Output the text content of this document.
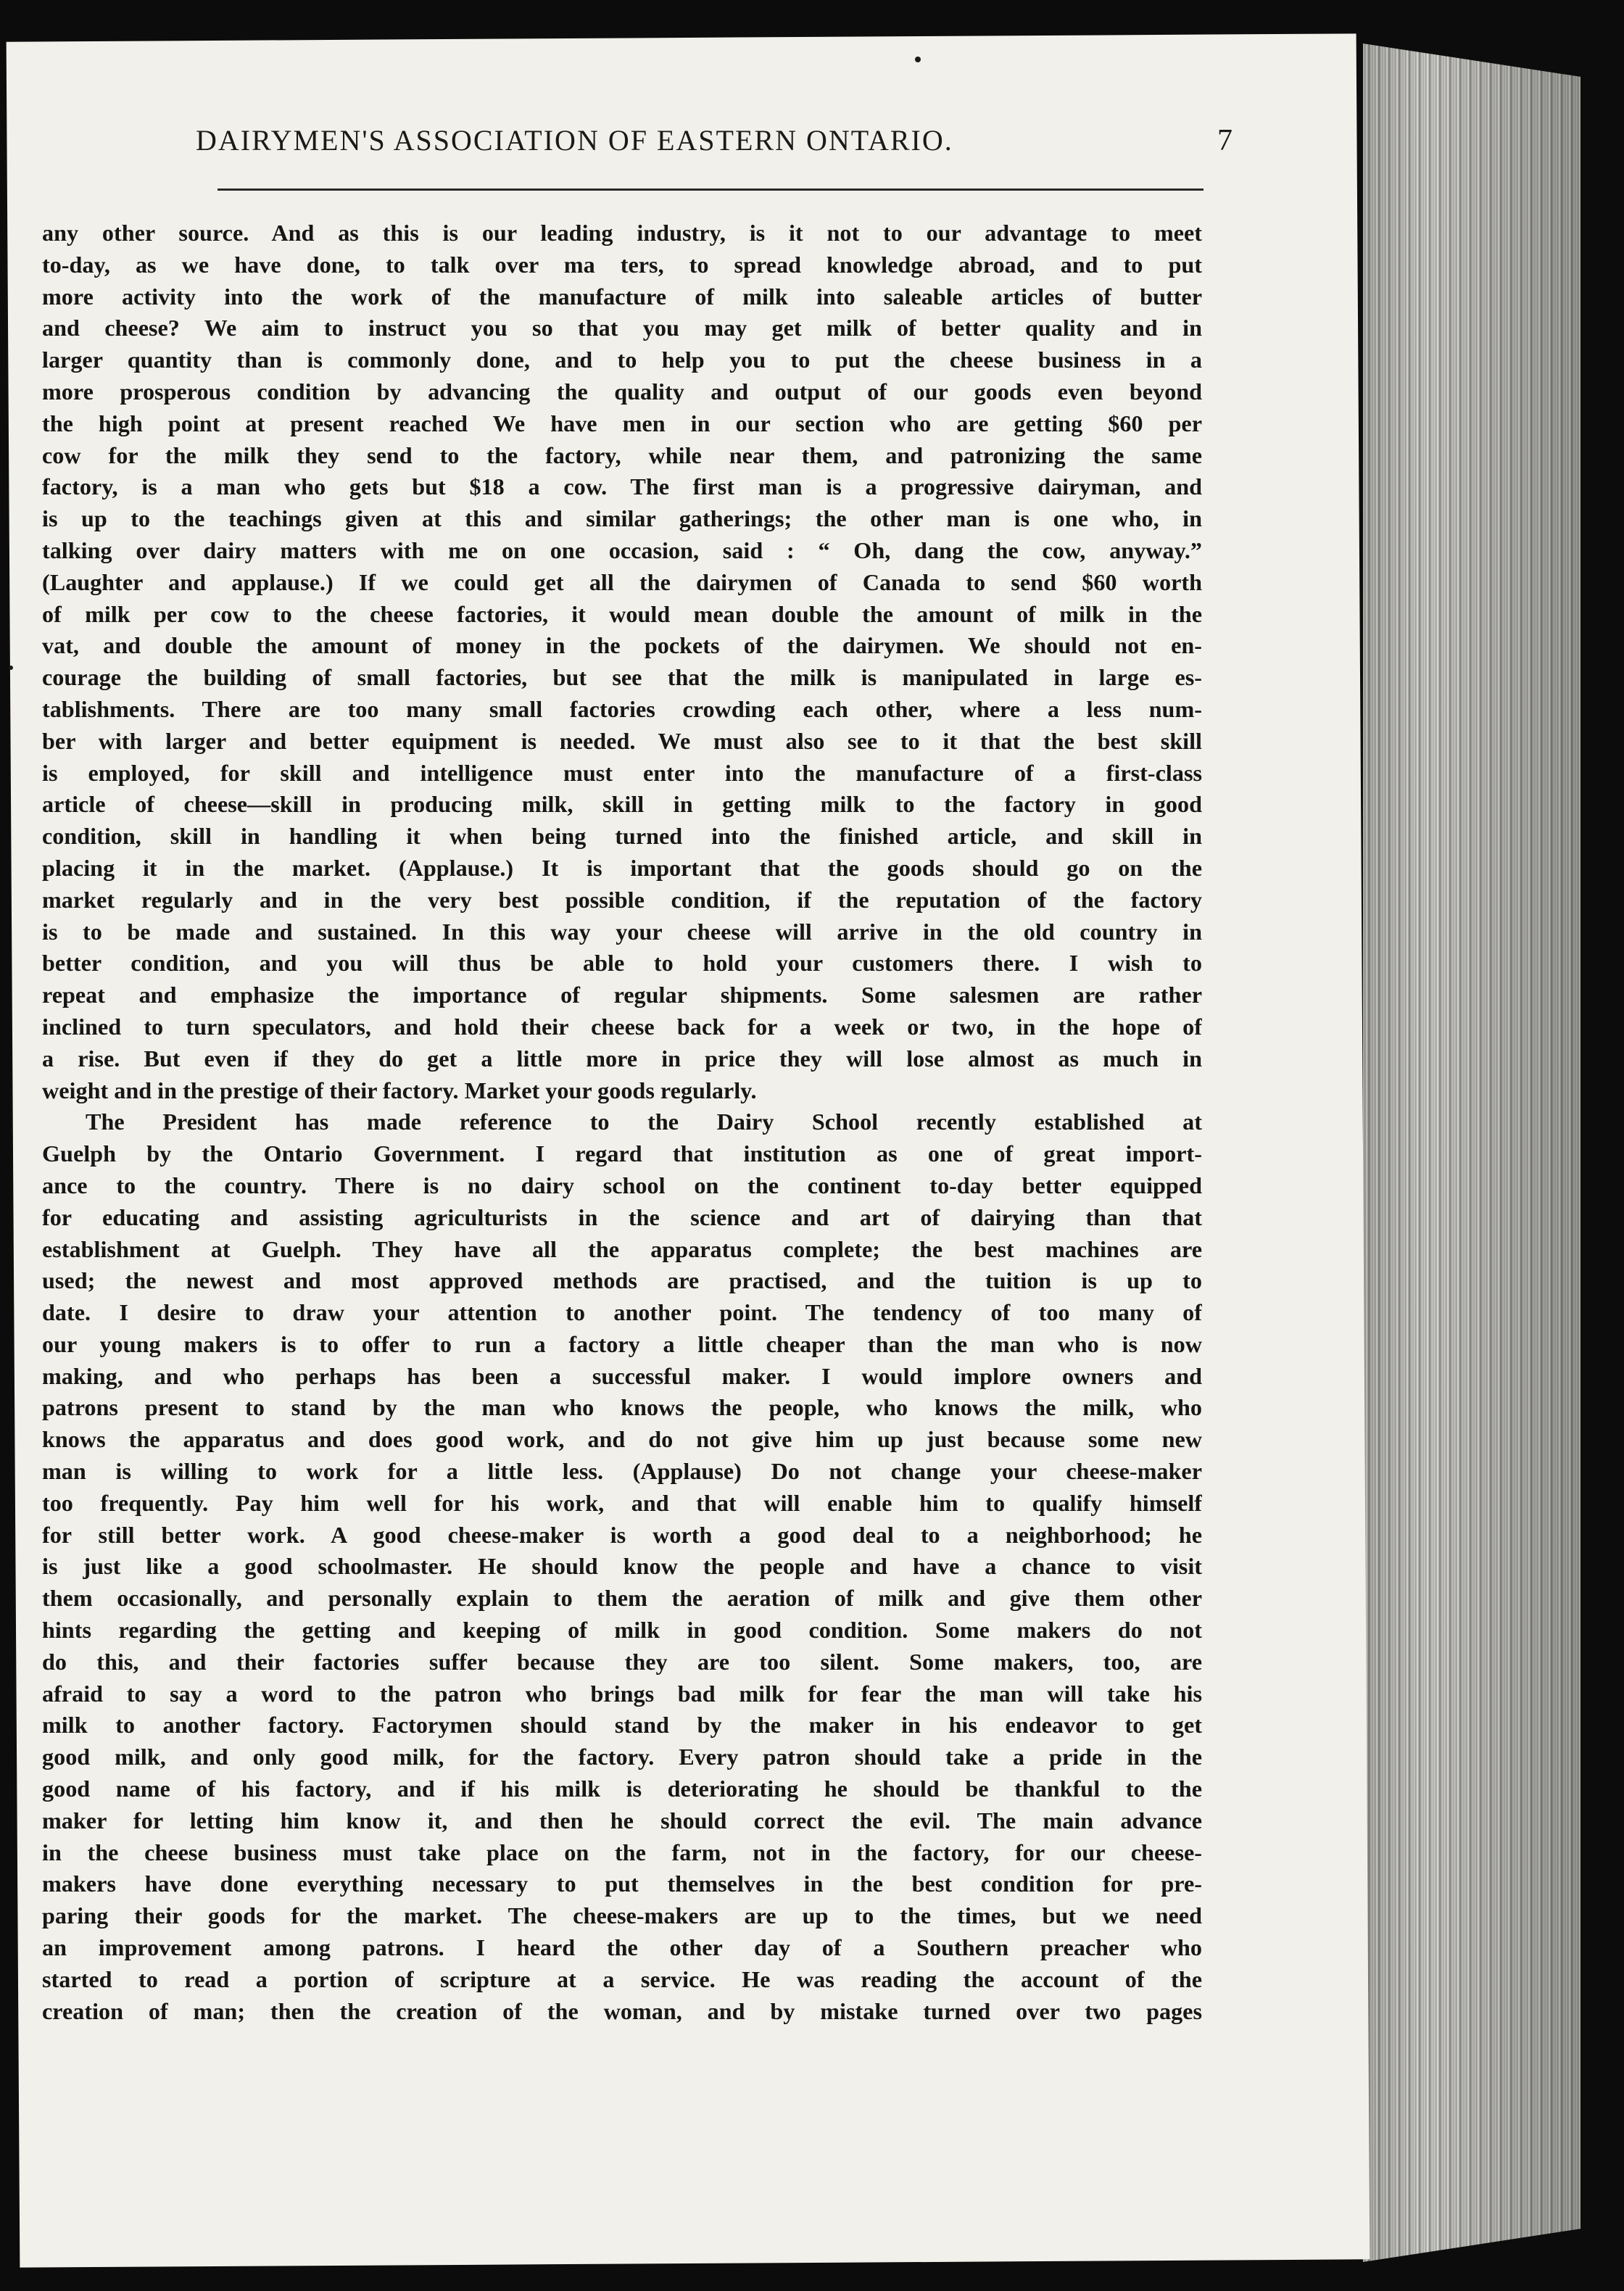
DAIRYMEN'S ASSOCIATION OF EASTERN ONTARIO.	7
any other source. And as this is our leading industry, is it not to our advantage to meet
to-day, as we have done, to talk over ma ters, to spread knowledge abroad, and to put
more activity into the work of the manufacture of milk into saleable articles of butter
and cheese? We aim to instruct you so that you may get milk of better quality and in
larger quantity than is commonly done, and to help you to put the cheese business in a
more prosperous condition by advancing the quality and output of our goods even beyond
the high point at present reached We have men in our section who are getting $60 per
cow for the milk they send to the factory, while near them, and patronizing the same
factory, is a man who gets but $18 a cow. The first man is a progressive dairyman, and
is up to the teachings given at this and similar gatherings; the other man is one who, in
talking over dairy matters with me on one occasion, said : “ Oh, dang the cow, anyway.”
(Laughter and applause.) If we could get all the dairymen of Canada to send $60 worth
of milk per cow to the cheese factories, it would mean double the amount of milk in the
vat, and double the amount of money in the pockets of the dairymen. We should not en-
courage the building of small factories, but see that the milk is manipulated in large es-
tablishments. There are too many small factories crowding each other, where a less num-
ber with larger and better equipment is needed. We must also see to it that the best skill
is employed, for skill and intelligence must enter into the manufacture of a first-class
article of cheese—skill in producing milk, skill in getting milk to the factory in good
condition, skill in handling it when being turned into the finished article, and skill in
placing it in the market. (Applause.) It is important that the goods should go on the
market regularly and in the very best possible condition, if the reputation of the factory
is to be made and sustained. In this way your cheese will arrive in the old country in
better condition, and you will thus be able to hold your customers there. I wish to
repeat and emphasize the importance of regular shipments. Some salesmen are rather
inclined to turn speculators, and hold their cheese back for a week or two, in the hope of
a rise. But even if they do get a little more in price they will lose almost as much in
weight and in the prestige of their factory. Market your goods regularly.
The President has made reference to the Dairy School recently established at
Guelph by the Ontario Government. I regard that institution as one of great import-
ance to the country. There is no dairy school on the continent to-day better equipped
for educating and assisting agriculturists in the science and art of dairying than that
establishment at Guelph. They have all the apparatus complete; the best machines are
used; the newest and most approved methods are practised, and the tuition is up to
date. I desire to draw your attention to another point. The tendency of too many of
our young makers is to offer to run a factory a little cheaper than the man who is now
making, and who perhaps has been a successful maker. I would implore owners and
patrons present to stand by the man who knows the people, who knows the milk, who
knows the apparatus and does good work, and do not give him up just because some new
man is willing to work for a little less. (Applause) Do not change your cheese-maker
too frequently. Pay him well for his work, and that will enable him to qualify himself
for still better work. A good cheese-maker is worth a good deal to a neighborhood; he
is just like a good schoolmaster. He should know the people and have a chance to visit
them occasionally, and personally explain to them the aeration of milk and give them other
hints regarding the getting and keeping of milk in good condition. Some makers do not
do this, and their factories suffer because they are too silent. Some makers, too, are
afraid to say a word to the patron who brings bad milk for fear the man will take his
milk to another factory. Factorymen should stand by the maker in his endeavor to get
good milk, and only good milk, for the factory. Every patron should take a pride in the
good name of his factory, and if his milk is deteriorating he should be thankful to the
maker for letting him know it, and then he should correct the evil. The main advance
in the cheese business must take place on the farm, not in the factory, for our cheese-
makers have done everything necessary to put themselves in the best condition for pre-
paring their goods for the market. The cheese-makers are up to the times, but we need
an improvement among patrons. I heard the other day of a Southern preacher who
started to read a portion of scripture at a service. He was reading the account of the
creation of man; then the creation of the woman, and by mistake turned over two pages
